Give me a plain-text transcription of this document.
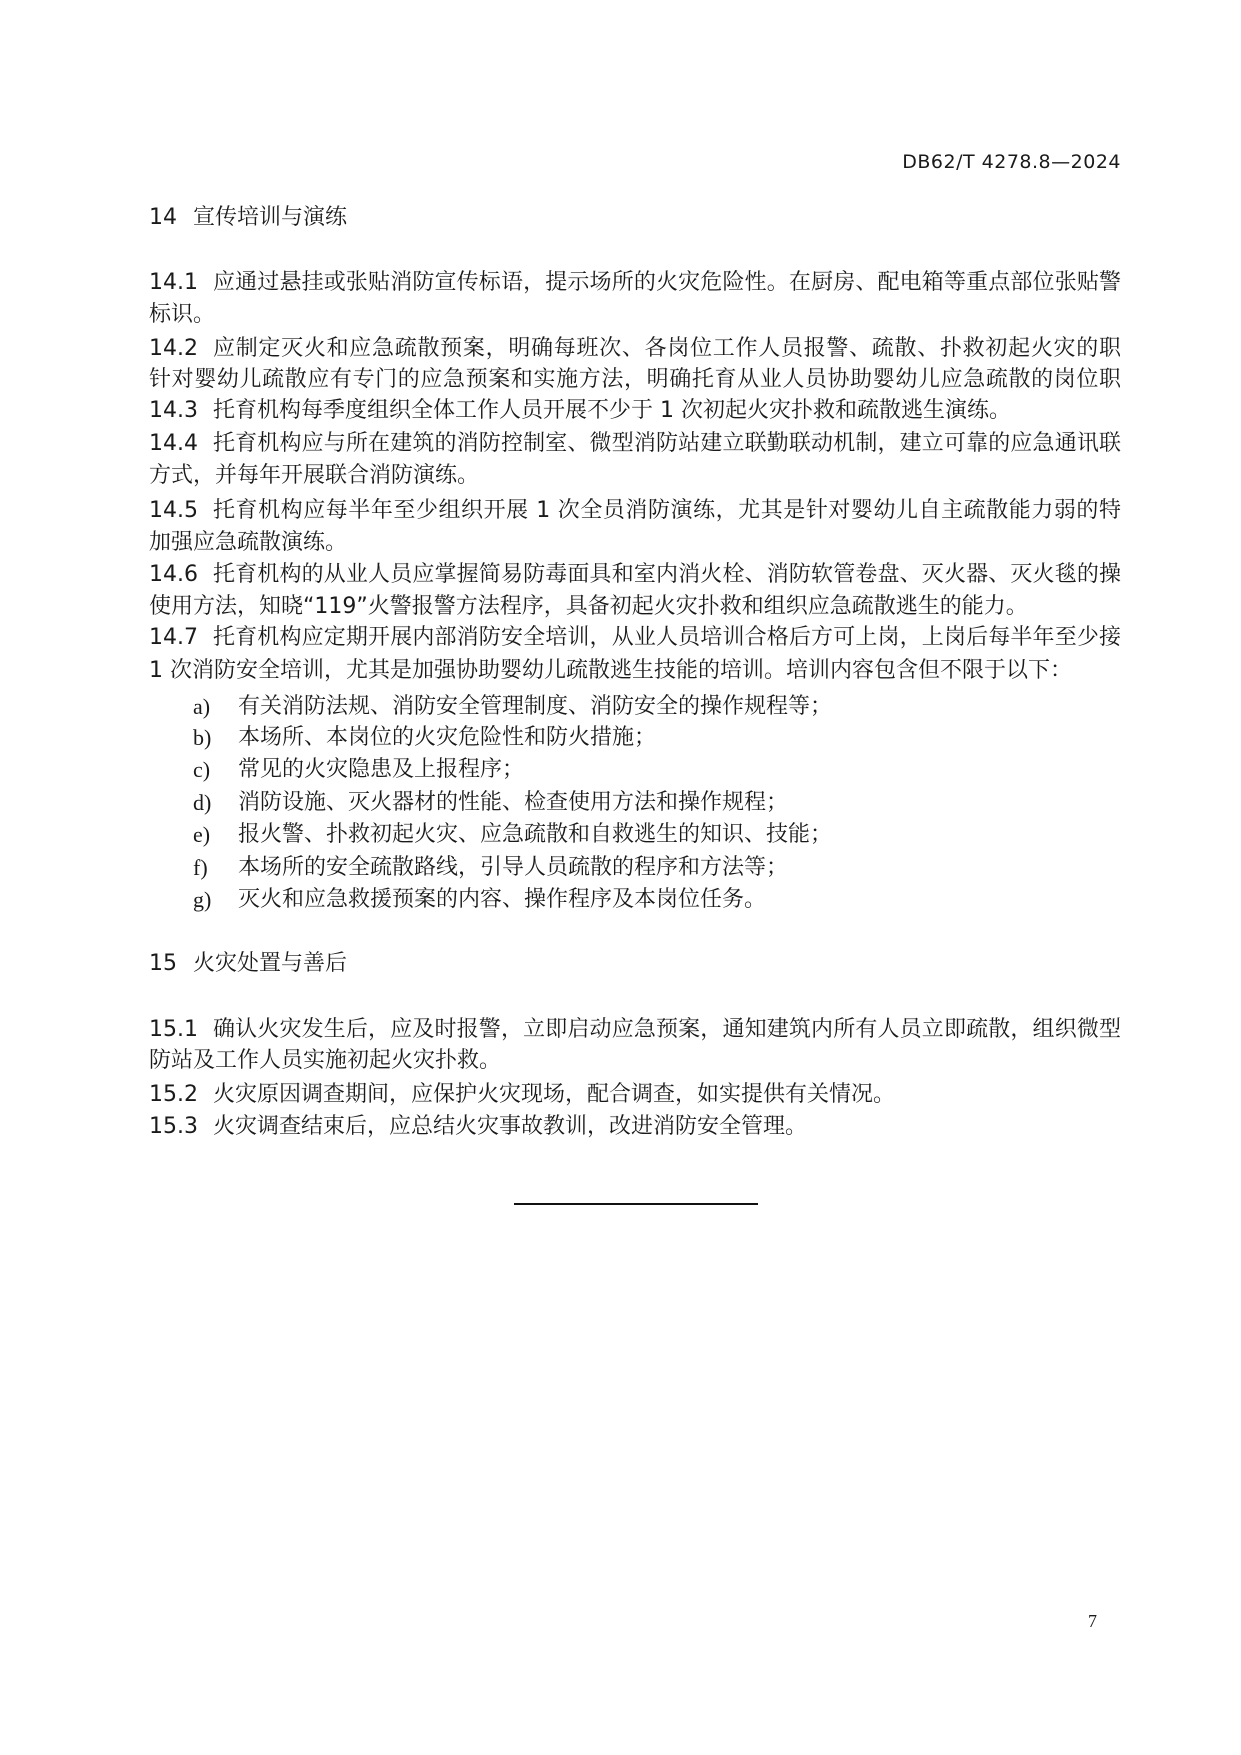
DB62/T 4278.8—2024
14 宣传培训与演练
14.1 应通过悬挂或张贴消防宣传标语，提示场所的火灾危险性。在厨房、配电箱等重点部位张贴警
标识。
14.2 应制定灭火和应急疏散预案，明确每班次、各岗位工作人员报警、疏散、扑救初起火灾的职
针对婴幼儿疏散应有专门的应急预案和实施方法，明确托育从业人员协助婴幼儿应急疏散的岗位职
14.3 托育机构每季度组织全体工作人员开展不少于 1 次初起火灾扑救和疏散逃生演练。
14.4 托育机构应与所在建筑的消防控制室、微型消防站建立联勤联动机制，建立可靠的应急通讯联
方式，并每年开展联合消防演练。
14.5 托育机构应每半年至少组织开展 1 次全员消防演练，尤其是针对婴幼儿自主疏散能力弱的特
加强应急疏散演练。
14.6 托育机构的从业人员应掌握简易防毒面具和室内消火栓、消防软管卷盘、灭火器、灭火毯的操
使用方法，知晓“119”火警报警方法程序，具备初起火灾扑救和组织应急疏散逃生的能力。
14.7 托育机构应定期开展内部消防安全培训，从业人员培训合格后方可上岗，上岗后每半年至少接
1 次消防安全培训，尤其是加强协助婴幼儿疏散逃生技能的培训。培训内容包含但不限于以下：
a) 有关消防法规、消防安全管理制度、消防安全的操作规程等；
b) 本场所、本岗位的火灾危险性和防火措施；
c) 常见的火灾隐患及上报程序；
d) 消防设施、灭火器材的性能、检查使用方法和操作规程；
e) 报火警、扑救初起火灾、应急疏散和自救逃生的知识、技能；
f) 本场所的安全疏散路线，引导人员疏散的程序和方法等；
g) 灭火和应急救援预案的内容、操作程序及本岗位任务。
15 火灾处置与善后
15.1 确认火灾发生后，应及时报警，立即启动应急预案，通知建筑内所有人员立即疏散，组织微型
防站及工作人员实施初起火灾扑救。
15.2 火灾原因调查期间，应保护火灾现场，配合调查，如实提供有关情况。
15.3 火灾调查结束后，应总结火灾事故教训，改进消防安全管理。
7
